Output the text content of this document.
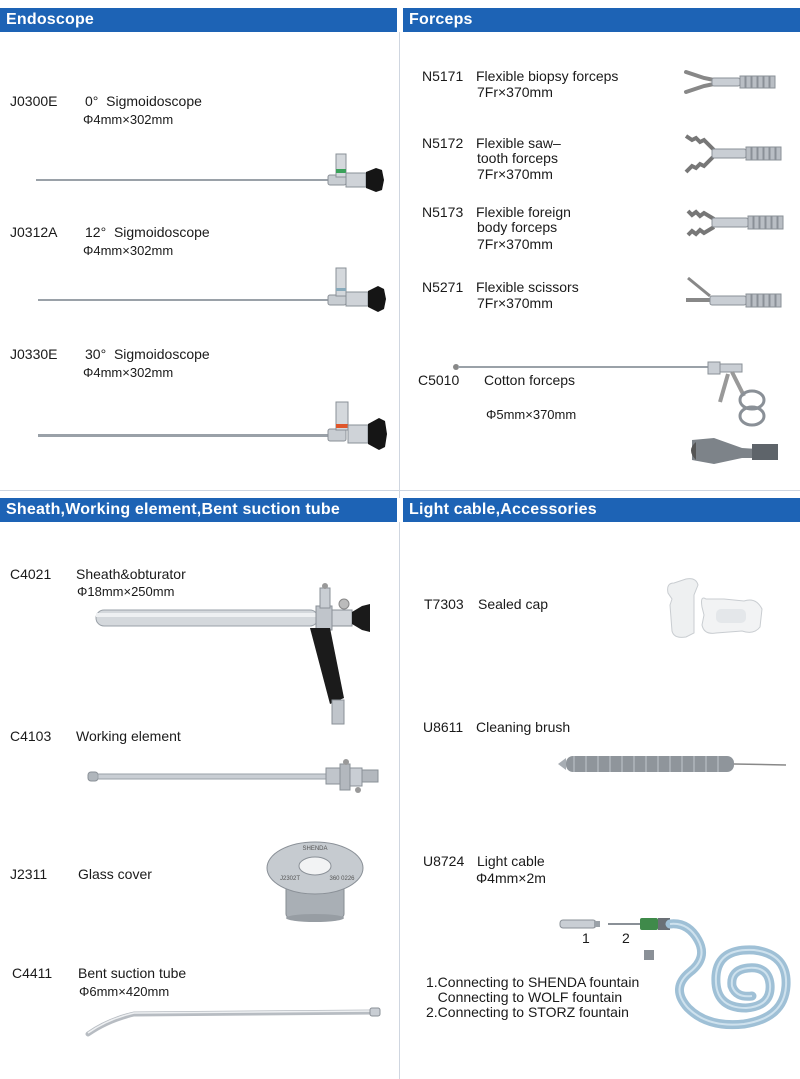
Endoscope	Forceps
Sheath,Working element,Bent suction tube	Light cable,Accessories
J0300E 0°  Sigmoidoscope
Φ4mm×302mm
J0312A 12°  Sigmoidoscope
Φ4mm×302mm
J0330E 30°  Sigmoidoscope
Φ4mm×302mm
N5171 Flexible biopsy forceps
7Fr×370mm
N5172 Flexible saw–
tooth forceps
7Fr×370mm
N5173 Flexible foreign
body forceps
7Fr×370mm
N5271 Flexible scissors
7Fr×370mm
C5010 Cotton forceps
Φ5mm×370mm
C4021 Sheath&obturator
Φ18mm×250mm
C4103 Working element
J2311 Glass cover
SHENDA
J2302T	360 0226
C4411 Bent suction tube
Φ6mm×420mm
T7303 Sealed cap
U8611 Cleaning brush
U8724 Light cable
Φ4mm×2m
1 2
1.Connecting to SHENDA fountain
Connecting to WOLF fountain
2.Connecting to STORZ fountain
